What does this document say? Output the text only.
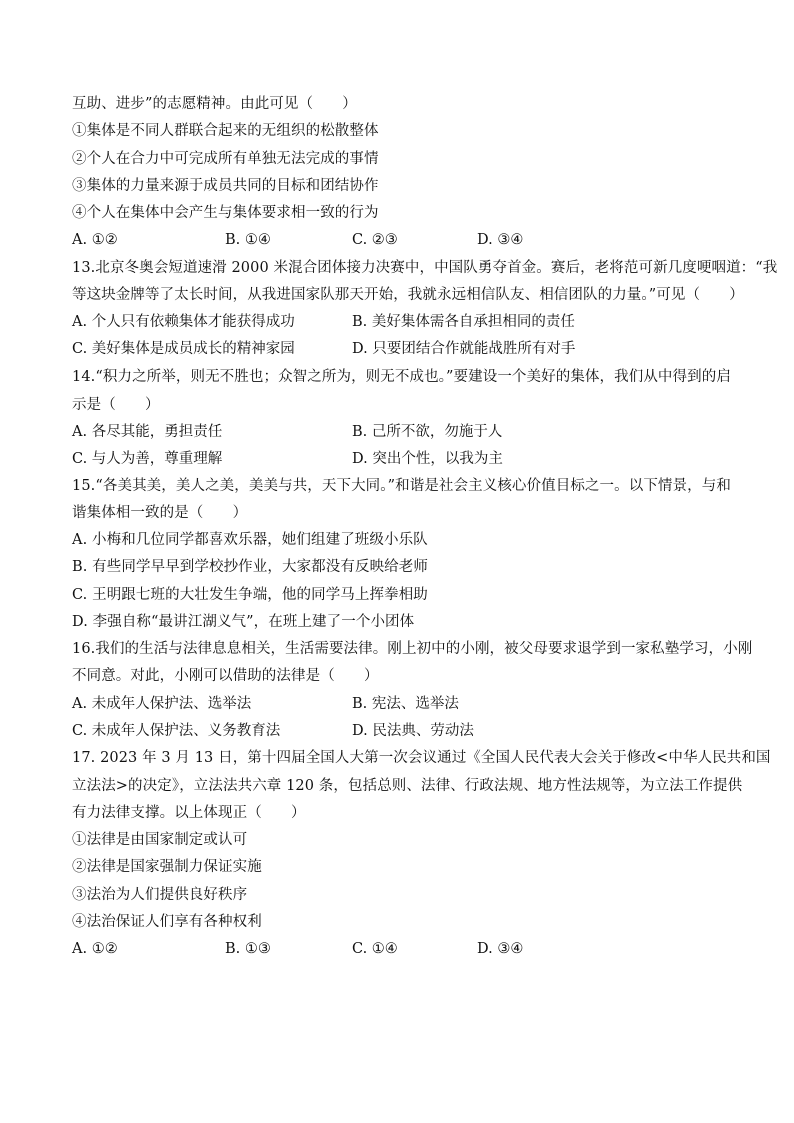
互助、进步”的志愿精神。由此可见（　　）
①集体是不同人群联合起来的无组织的松散整体
②个人在合力中可完成所有单独无法完成的事情
③集体的力量来源于成员共同的目标和团结协作
④个人在集体中会产生与集体要求相一致的行为
A. ①②	B. ①④	C. ②③	D. ③④
13.北京冬奥会短道速滑 2000 米混合团体接力决赛中，中国队勇夺首金。赛后，老将范可新几度哽咽道：“我
等这块金牌等了太长时间，从我进国家队那天开始，我就永远相信队友、相信团队的力量。”可见（　　）
A. 个人只有依赖集体才能获得成功	B. 美好集体需各自承担相同的责任
C. 美好集体是成员成长的精神家园	D. 只要团结合作就能战胜所有对手
14.“积力之所举，则无不胜也；众智之所为，则无不成也。”要建设一个美好的集体，我们从中得到的启
示是（　　）
A. 各尽其能，勇担责任	B. 己所不欲，勿施于人
C. 与人为善，尊重理解	D. 突出个性，以我为主
15.“各美其美，美人之美，美美与共，天下大同。”和谐是社会主义核心价值目标之一。以下情景，与和
谐集体相一致的是（　　）
A. 小梅和几位同学都喜欢乐器，她们组建了班级小乐队
B. 有些同学早早到学校抄作业，大家都没有反映给老师
C. 王明跟七班的大壮发生争端，他的同学马上挥拳相助
D. 李强自称“最讲江湖义气”，在班上建了一个小团体
16.我们的生活与法律息息相关，生活需要法律。刚上初中的小刚，被父母要求退学到一家私塾学习，小刚
不同意。对此，小刚可以借助的法律是（　　）
A. 未成年人保护法、选举法	B. 宪法、选举法
C. 未成年人保护法、义务教育法	D. 民法典、劳动法
17. 2023 年 3 月 13 日，第十四届全国人大第一次会议通过《全国人民代表大会关于修改<中华人民共和国
立法法>的决定》，立法法共六章 120 条，包括总则、法律、行政法规、地方性法规等，为立法工作提供
有力法律支撑。以上体现正（　　）
①法律是由国家制定或认可
②法律是国家强制力保证实施
③法治为人们提供良好秩序
④法治保证人们享有各种权利
A. ①②	B. ①③	C. ①④	D. ③④
